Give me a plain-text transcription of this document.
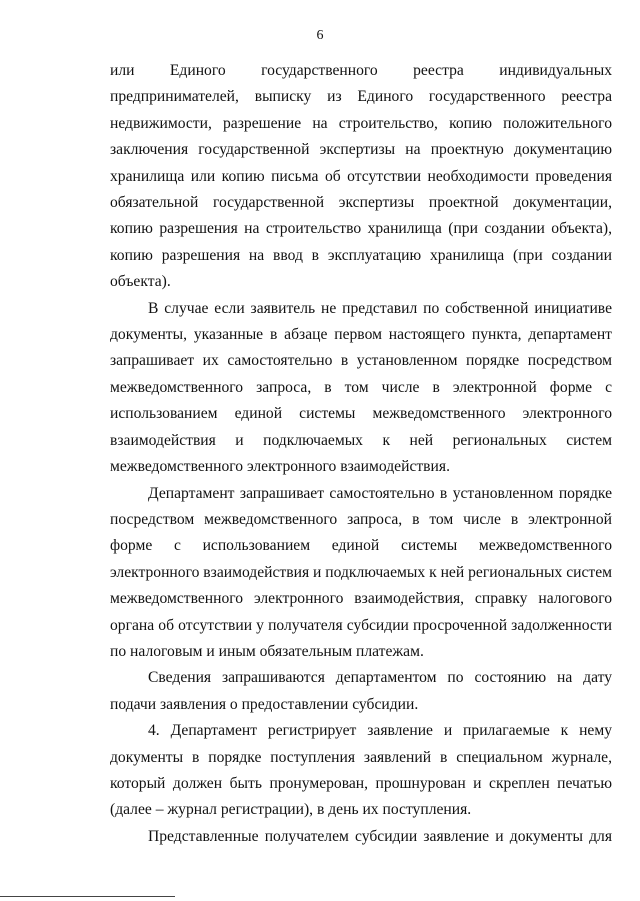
6

или Единого государственного реестра индивидуальных предпринимателей, выписку из Единого государственного реестра недвижимости, разрешение на строительство, копию положительного заключения государственной экспертизы на проектную документацию хранилища или копию письма об отсутствии необходимости проведения обязательной государственной экспертизы проектной документации, копию разрешения на строительство хранилища (при создании объекта), копию разрешения на ввод в эксплуатацию хранилища (при создании объекта).

В случае если заявитель не представил по собственной инициативе документы, указанные в абзаце первом настоящего пункта, департамент запрашивает их самостоятельно в установленном порядке посредством межведомственного запроса, в том числе в электронной форме с использованием единой системы межведомственного электронного взаимодействия и подключаемых к ней региональных систем межведомственного электронного взаимодействия.

Департамент запрашивает самостоятельно в установленном порядке посредством межведомственного запроса, в том числе в электронной форме с использованием единой системы межведомственного электронного взаимодействия и подключаемых к ней региональных систем межведомственного электронного взаимодействия, справку налогового органа об отсутствии у получателя субсидии просроченной задолженности по налоговым и иным обязательным платежам.

Сведения запрашиваются департаментом по состоянию на дату подачи заявления о предоставлении субсидии.

4. Департамент регистрирует заявление и прилагаемые к нему документы в порядке поступления заявлений в специальном журнале, который должен быть пронумерован, прошнурован и скреплен печатью (далее – журнал регистрации), в день их поступления.

Представленные получателем субсидии заявление и документы для
